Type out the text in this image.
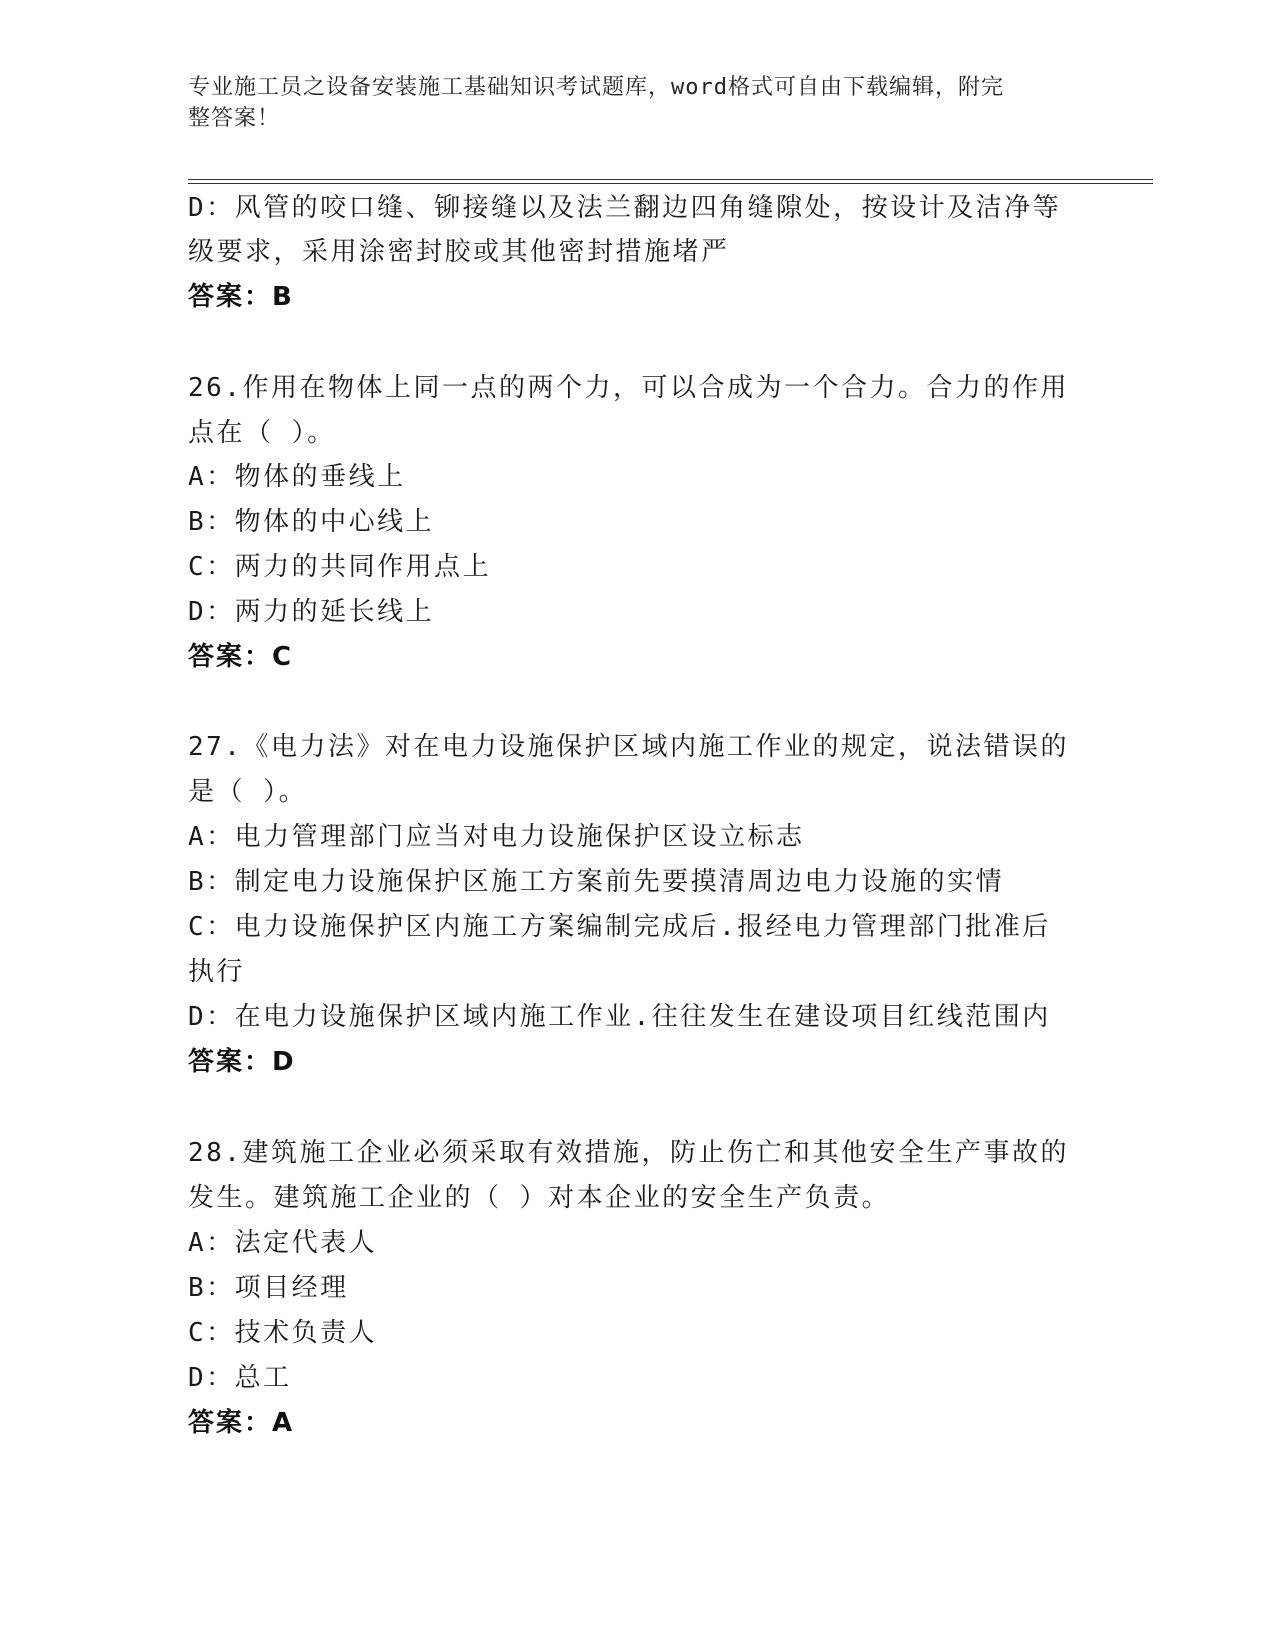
专业施工员之设备安装施工基础知识考试题库，word格式可自由下载编辑，附完
整答案！
D：风管的咬口缝、铆接缝以及法兰翻边四角缝隙处，按设计及洁净等
级要求，采用涂密封胶或其他密封措施堵严
答案：B
26.作用在物体上同一点的两个力，可以合成为一个合力。合力的作用
点在（ ）。
A：物体的垂线上
B：物体的中心线上
C：两力的共同作用点上
D：两力的延长线上
答案：C
27.《电力法》对在电力设施保护区域内施工作业的规定，说法错误的
是（ ）。
A：电力管理部门应当对电力设施保护区设立标志
B：制定电力设施保护区施工方案前先要摸清周边电力设施的实情
C：电力设施保护区内施工方案编制完成后.报经电力管理部门批准后
执行
D：在电力设施保护区域内施工作业.往往发生在建设项目红线范围内
答案：D
28.建筑施工企业必须采取有效措施，防止伤亡和其他安全生产事故的
发生。建筑施工企业的（ ）对本企业的安全生产负责。
A：法定代表人
B：项目经理
C：技术负责人
D：总工
答案：A
